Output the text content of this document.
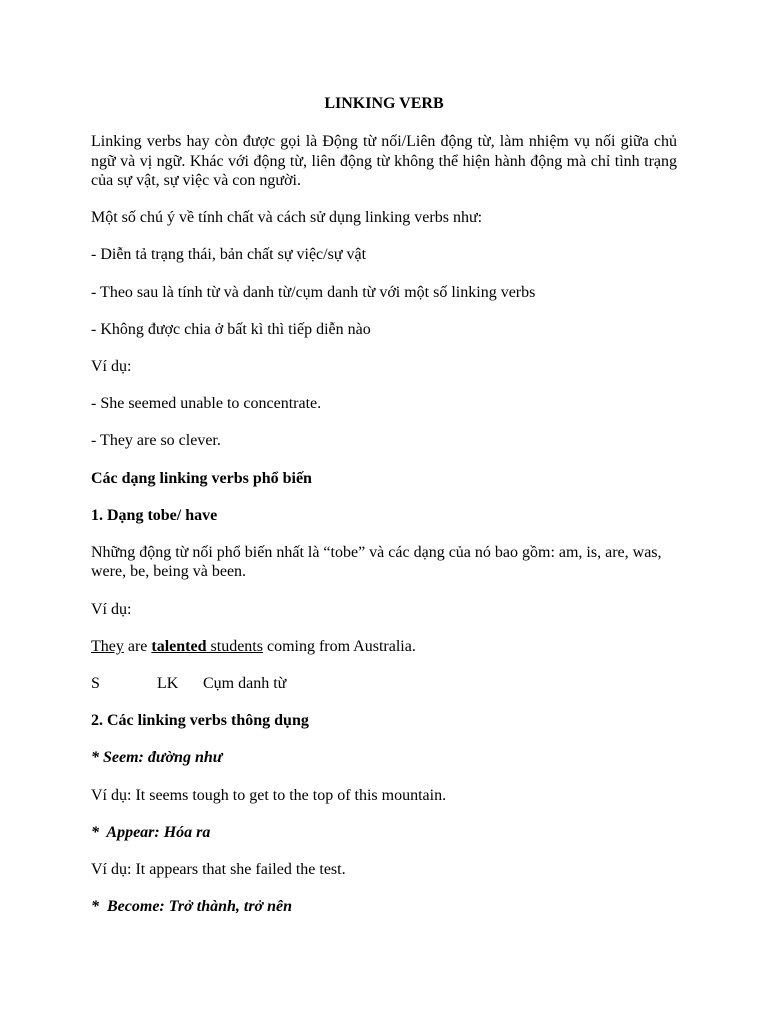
LINKING VERB

Linking verbs hay còn được gọi là Động từ nối/Liên động từ, làm nhiệm vụ nối giữa chủ ngữ và vị ngữ. Khác với động từ, liên động từ không thể hiện hành động mà chỉ tình trạng của sự vật, sự việc và con người.

Một số chú ý về tính chất và cách sử dụng linking verbs như:

- Diễn tả trạng thái, bản chất sự việc/sự vật

- Theo sau là tính từ và danh từ/cụm danh từ với một số linking verbs

- Không được chia ở bất kì thì tiếp diễn nào

Ví dụ:

- She seemed unable to concentrate.

- They are so clever.

Các dạng linking verbs phổ biến

1. Dạng tobe/ have

Những động từ nối phổ biến nhất là “tobe” và các dạng của nó bao gồm: am, is, are, was, were, be, being và been.

Ví dụ:

They are talented students coming from Australia.

S	LK Cụm danh từ

2. Các linking verbs thông dụng

* Seem: đường như

Ví dụ: It seems tough to get to the top of this mountain.

*  Appear: Hóa ra

Ví dụ: It appears that she failed the test.

*  Become: Trở thành, trở nên
